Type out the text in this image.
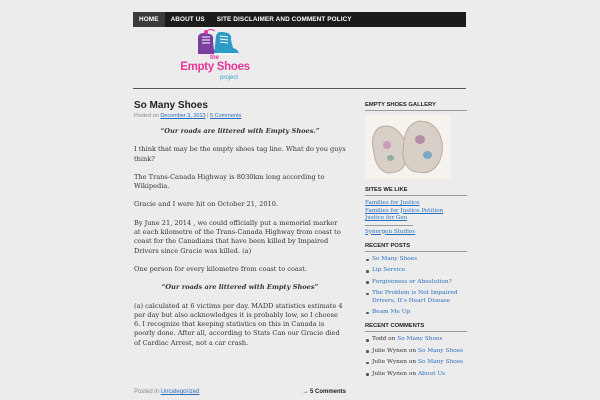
HOME	ABOUT US	SITE DISCLAIMER AND COMMENT POLICY
the
Empty Shoes
project
So Many Shoes
Posted on December 3, 2013 | 5 Comments

“Our roads are littered with Empty Shoes.”

I think that may be the empty shoes tag line. What do you guys think?

The Trans-Canada Highway is 8030km long according to Wikipedia.

Gracie and I were hit on October 21, 2010.

By June 21, 2014 , we could officially put a memorial marker at each kilometre of the Trans-Canada Highway from coast to coast for the Canadians that have been killed by Impaired Drivers since Gracie was killed. (a)

One person for every kilometre from coast to coast.

“Our roads are littered with Empty Shoes”

(a) calculated at 6 victims per day. MADD statistics estimate 4 per day but also acknowledges it is probably low, so I choose 6. I recognize that keeping statistics on this in Canada is poorly done. After all, according to Stats Can our Gracie died of Cardiac Arrest, not a car crash.

Posted in Uncategorized	→ 5 Comments
EMPTY SHOES GALLERY
SITES WE LIKE
Families for Justice
Families for Justice Petition
Justice for Geo
Synergen Studios
RECENT POSTS
So Many Shoes
Lip Service
Forgiveness or Absolution?
The Problem is Not Impaired Drivers, It’s Heart Disease
Beam Me Up
RECENT COMMENTS
Todd on So Many Shoes
Julie Wynen on So Many Shoes
Julie Wynen on So Many Shoes
Julie Wynen on About Us
